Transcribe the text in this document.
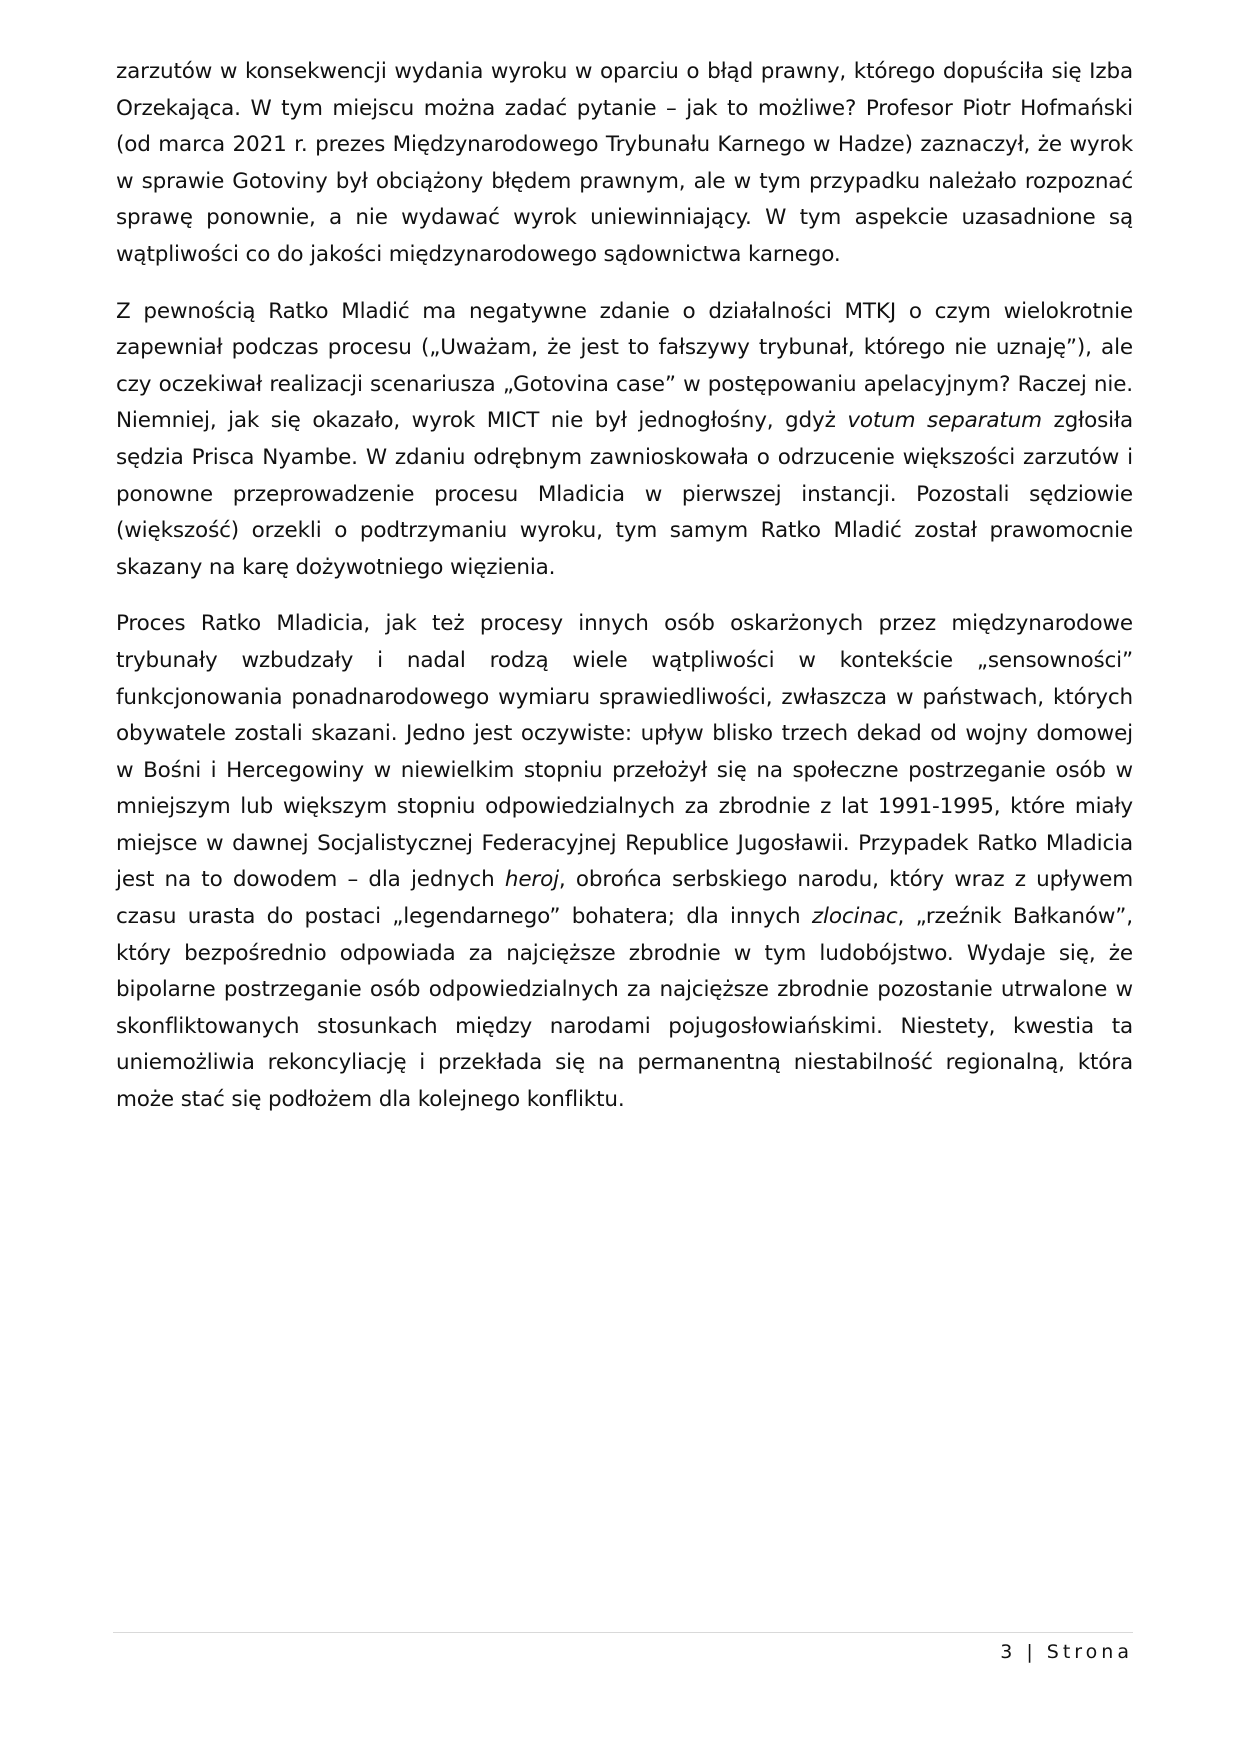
zarzutów w konsekwencji wydania wyroku w oparciu o błąd prawny, którego dopuściła się Izba Orzekająca. W tym miejscu można zadać pytanie – jak to możliwe? Profesor Piotr Hofmański (od marca 2021 r. prezes Międzynarodowego Trybunału Karnego w Hadze) zaznaczył, że wyrok w sprawie Gotoviny był obciążony błędem prawnym, ale w tym przypadku należało rozpoznać sprawę ponownie, a nie wydawać wyrok uniewinniający. W tym aspekcie uzasadnione są wątpliwości co do jakości międzynarodowego sądownictwa karnego.

Z pewnością Ratko Mladić ma negatywne zdanie o działalności MTKJ o czym wielokrotnie zapewniał podczas procesu („Uważam, że jest to fałszywy trybunał, którego nie uznaję”), ale czy oczekiwał realizacji scenariusza „Gotovina case” w postępowaniu apelacyjnym? Raczej nie. Niemniej, jak się okazało, wyrok MICT nie był jednogłośny, gdyż votum separatum zgłosiła sędzia Prisca Nyambe. W zdaniu odrębnym zawnioskowała o odrzucenie większości zarzutów i ponowne przeprowadzenie procesu Mladicia w pierwszej instancji. Pozostali sędziowie (większość) orzekli o podtrzymaniu wyroku, tym samym Ratko Mladić został prawomocnie skazany na karę dożywotniego więzienia.

Proces Ratko Mladicia, jak też procesy innych osób oskarżonych przez międzynarodowe trybunały wzbudzały i nadal rodzą wiele wątpliwości w kontekście „sensowności” funkcjonowania ponadnarodowego wymiaru sprawiedliwości, zwłaszcza w państwach, których obywatele zostali skazani. Jedno jest oczywiste: upływ blisko trzech dekad od wojny domowej w Bośni i Hercegowiny w niewielkim stopniu przełożył się na społeczne postrzeganie osób w mniejszym lub większym stopniu odpowiedzialnych za zbrodnie z lat 1991-1995, które miały miejsce w dawnej Socjalistycznej Federacyjnej Republice Jugosławii. Przypadek Ratko Mladicia jest na to dowodem – dla jednych heroj, obrońca serbskiego narodu, który wraz z upływem czasu urasta do postaci „legendarnego” bohatera; dla innych zlocinac, „rzeźnik Bałkanów”, który bezpośrednio odpowiada za najcięższe zbrodnie w tym ludobójstwo. Wydaje się, że bipolarne postrzeganie osób odpowiedzialnych za najcięższe zbrodnie pozostanie utrwalone w skonfliktowanych stosunkach między narodami pojugosłowiańskimi. Niestety, kwestia ta uniemożliwia rekoncyliację i przekłada się na permanentną niestabilność regionalną, która może stać się podłożem dla kolejnego konfliktu.

3 | Strona
